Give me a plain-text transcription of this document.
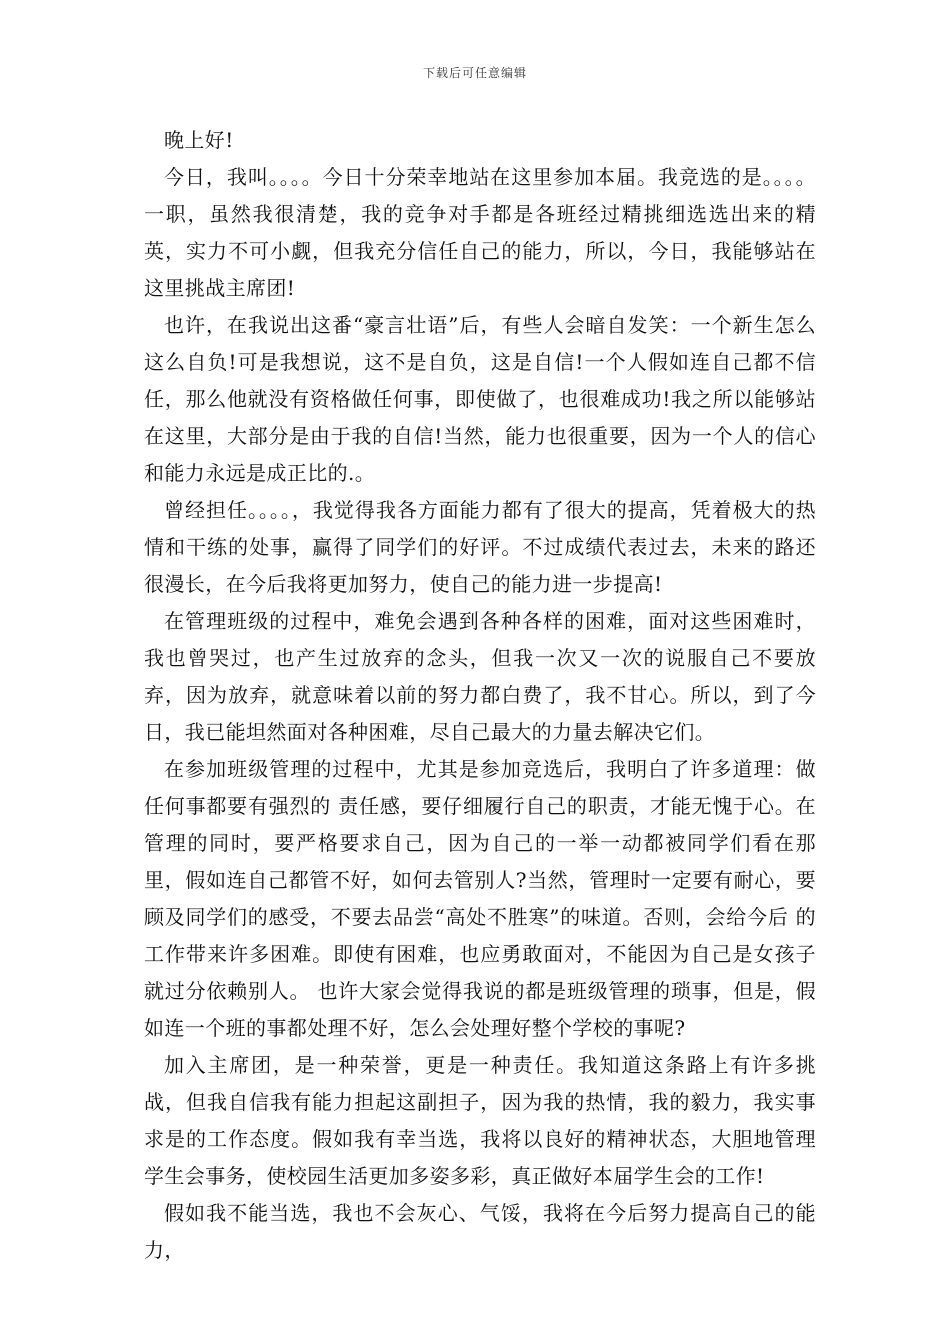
下载后可任意编辑

晚上好!

今日，我叫。。。。今日十分荣幸地站在这里参加本届。我竞选的是。。。。一职，虽然我很清楚，我的竞争对手都是各班经过精挑细选选出来的精英，实力不可小觑，但我充分信任自己的能力，所以，今日，我能够站在这里挑战主席团!

也许，在我说出这番“豪言壮语”后，有些人会暗自发笑：一个新生怎么这么自负!可是我想说，这不是自负，这是自信!一个人假如连自己都不信任，那么他就没有资格做任何事，即使做了，也很难成功!我之所以能够站在这里，大部分是由于我的自信!当然，能力也很重要，因为一个人的信心和能力永远是成正比的.。

曾经担任。。。。，我觉得我各方面能力都有了很大的提高，凭着极大的热情和干练的处事，赢得了同学们的好评。不过成绩代表过去，未来的路还很漫长，在今后我将更加努力，使自己的能力进一步提高!

在管理班级的过程中，难免会遇到各种各样的困难，面对这些困难时，我也曾哭过，也产生过放弃的念头，但我一次又一次的说服自己不要放弃，因为放弃，就意味着以前的努力都白费了，我不甘心。所以，到了今日，我已能坦然面对各种困难，尽自己最大的力量去解决它们。

在参加班级管理的过程中，尤其是参加竞选后，我明白了许多道理：做任何事都要有强烈的 责任感，要仔细履行自己的职责，才能无愧于心。在管理的同时，要严格要求自己，因为自己的一举一动都被同学们看在那里，假如连自己都管不好，如何去管别人?当然，管理时一定要有耐心，要顾及同学们的感受，不要去品尝“高处不胜寒”的味道。否则，会给今后 的工作带来许多困难。即使有困难，也应勇敢面对，不能因为自己是女孩子就过分依赖别人。 也许大家会觉得我说的都是班级管理的琐事，但是，假如连一个班的事都处理不好，怎么会处理好整个学校的事呢?

加入主席团，是一种荣誉，更是一种责任。我知道这条路上有许多挑战，但我自信我有能力担起这副担子，因为我的热情，我的毅力，我实事求是的工作态度。假如我有幸当选，我将以良好的精神状态，大胆地管理学生会事务，使校园生活更加多姿多彩，真正做好本届学生会的工作!

假如我不能当选，我也不会灰心、气馁，我将在今后努力提高自己的能力，
